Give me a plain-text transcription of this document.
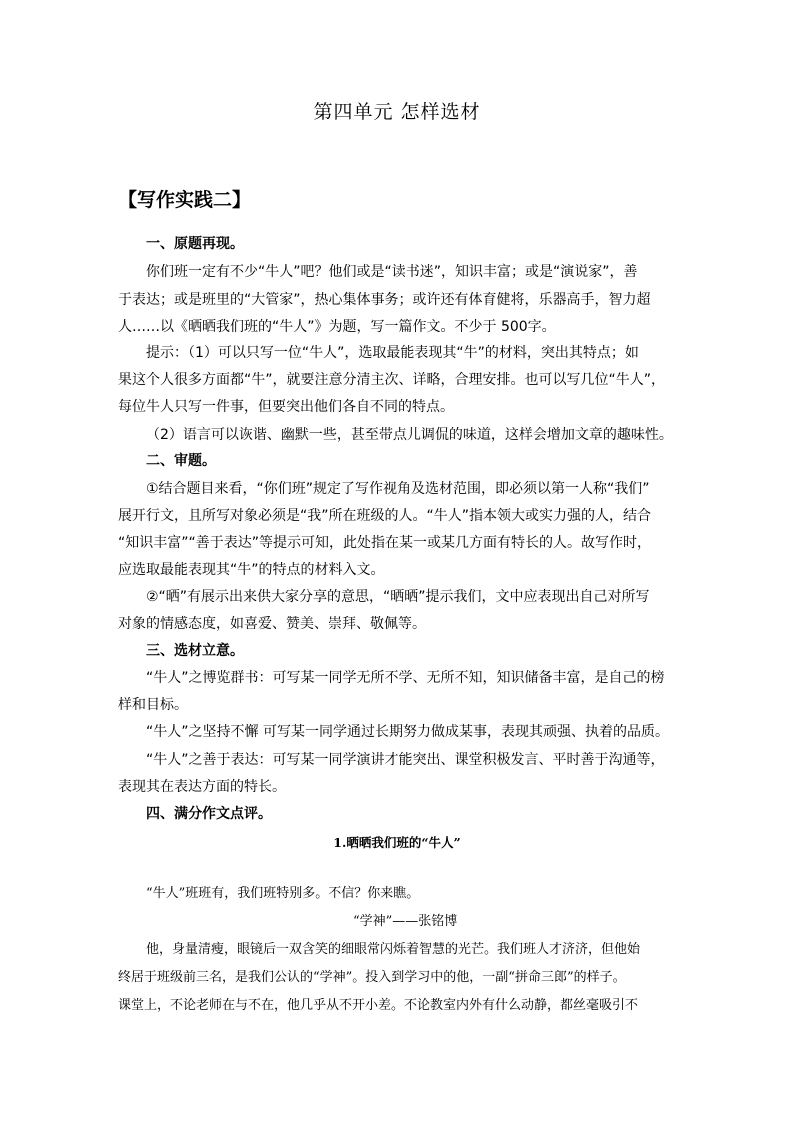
第四单元 怎样选材
【写作实践二】
一、原题再现。
你们班一定有不少“牛人”吧？他们或是“读书迷”，知识丰富；或是“演说家”，善
于表达；或是班里的“大管家”，热心集体事务；或许还有体育健将，乐器高手，智力超
人……以《晒晒我们班的“牛人”》为题，写一篇作文。不少于 500字。
提示：（1）可以只写一位“牛人”，选取最能表现其“牛”的材料，突出其特点；如
果这个人很多方面都“牛”，就要注意分清主次、详略，合理安排。也可以写几位“牛人”，
每位牛人只写一件事，但要突出他们各自不同的特点。
（2）语言可以诙谐、幽默一些，甚至带点儿调侃的味道，这样会增加文章的趣味性。
二、审题。
①结合题目来看，“你们班”规定了写作视角及选材范围，即必须以第一人称“我们”
展开行文，且所写对象必须是“我”所在班级的人。“牛人”指本领大或实力强的人，结合
“知识丰富”“善于表达”等提示可知，此处指在某一或某几方面有特长的人。故写作时，
应选取最能表现其“牛”的特点的材料入文。
②“晒”有展示出来供大家分享的意思，“晒晒”提示我们，文中应表现出自己对所写
对象的情感态度，如喜爱、赞美、崇拜、敬佩等。
三、选材立意。
“牛人”之博览群书：可写某一同学无所不学、无所不知，知识储备丰富，是自己的榜
样和目标。
“牛人”之坚持不懈 可写某一同学通过长期努力做成某事，表现其顽强、执着的品质。
“牛人”之善于表达：可写某一同学演讲才能突出、课堂积极发言、平时善于沟通等，
表现其在表达方面的特长。
四、满分作文点评。
1.晒晒我们班的“牛人”
“牛人”班班有，我们班特别多。不信？你来瞧。
“学神”——张铭博
他，身量清瘦，眼镜后一双含笑的细眼常闪烁着智慧的光芒。我们班人才济济，但他始
终居于班级前三名，是我们公认的“学神”。投入到学习中的他，一副“拼命三郎”的样子。
课堂上，不论老师在与不在，他几乎从不开小差。不论教室内外有什么动静，都丝毫吸引不
